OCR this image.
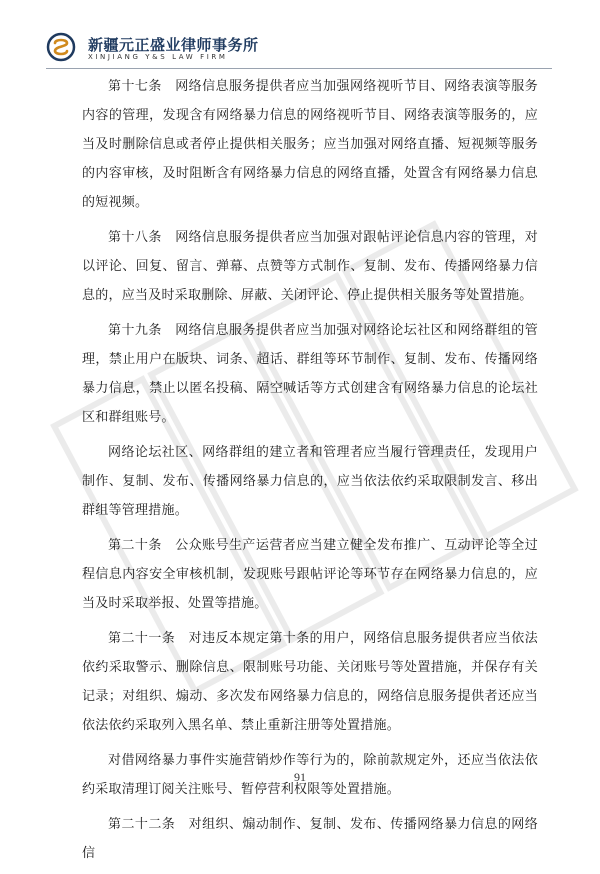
新疆元正盛业律师事务所
XINJIANG Y&S LAW FIRM

第十七条　网络信息服务提供者应当加强网络视听节目、网络表演等服务内容的管理，发现含有网络暴力信息的网络视听节目、网络表演等服务的，应当及时删除信息或者停止提供相关服务；应当加强对网络直播、短视频等服务的内容审核，及时阻断含有网络暴力信息的网络直播，处置含有网络暴力信息的短视频。

第十八条　网络信息服务提供者应当加强对跟帖评论信息内容的管理，对以评论、回复、留言、弹幕、点赞等方式制作、复制、发布、传播网络暴力信息的，应当及时采取删除、屏蔽、关闭评论、停止提供相关服务等处置措施。

第十九条　网络信息服务提供者应当加强对网络论坛社区和网络群组的管理，禁止用户在版块、词条、超话、群组等环节制作、复制、发布、传播网络暴力信息，禁止以匿名投稿、隔空喊话等方式创建含有网络暴力信息的论坛社区和群组账号。

网络论坛社区、网络群组的建立者和管理者应当履行管理责任，发现用户制作、复制、发布、传播网络暴力信息的，应当依法依约采取限制发言、移出群组等管理措施。

第二十条　公众账号生产运营者应当建立健全发布推广、互动评论等全过程信息内容安全审核机制，发现账号跟帖评论等环节存在网络暴力信息的，应当及时采取举报、处置等措施。

第二十一条　对违反本规定第十条的用户，网络信息服务提供者应当依法依约采取警示、删除信息、限制账号功能、关闭账号等处置措施，并保存有关记录；对组织、煽动、多次发布网络暴力信息的，网络信息服务提供者还应当依法依约采取列入黑名单、禁止重新注册等处置措施。

对借网络暴力事件实施营销炒作等行为的，除前款规定外，还应当依法依约采取清理订阅关注账号、暂停营利权限等处置措施。

第二十二条　对组织、煽动制作、复制、发布、传播网络暴力信息的网络信

91
